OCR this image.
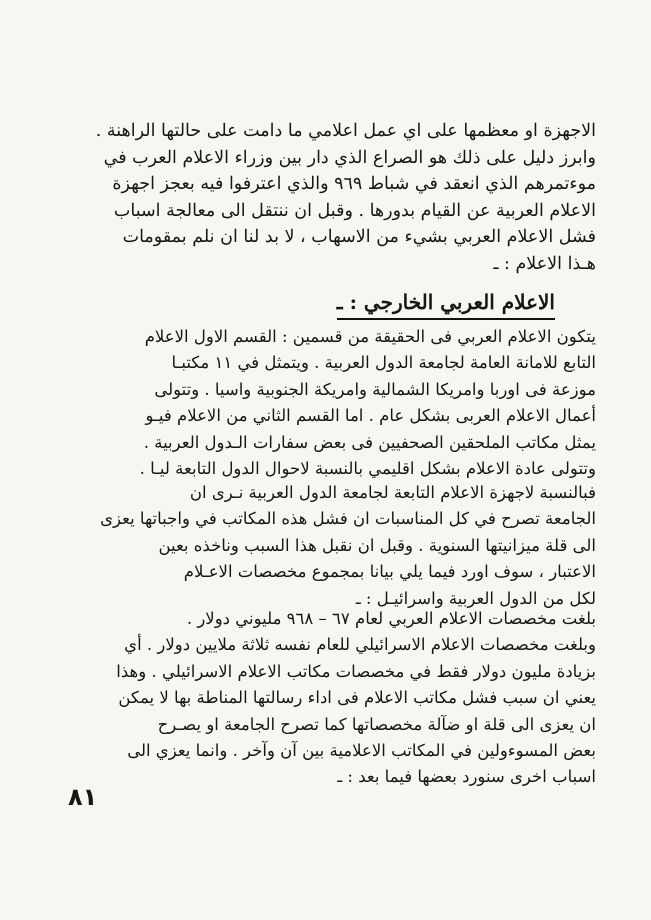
الاجهزة او معظمها على اي عمل اعلامي ما دامت على حالتها الراهنة .
وابرز دليل على ذلك هو الصراع الذي دار بين وزراء الاعلام العرب في
موءتمرهم الذي انعقد في شباط ٩٦٩ والذي اعترفوا فيه بعجز اجهزة
الاعلام العربية عن القيام بدورها . وقبل ان ننتقل الى معالجة اسباب
فشل الاعلام العربي بشيء من الاسهاب ، لا بد لنا ان نلم بمقومات
هـذا الاعلام : ـ
الاعلام العربي الخارجي : ـ
يتكون الاعلام العربي فى الحقيقة من قسمين : القسم الاول الاعلام
التابع للامانة العامة لجامعة الدول العربية . ويتمثل في ١١ مكتبـا
موزعة فى اوربا وامريكا الشمالية وامريكة الجنوبية واسيا . وتتولى
أعمال الاعلام العربى بشكل عام . اما القسم الثاني من الاعلام فيـو
يمثل مكاتب الملحقين الصحفيين فى بعض سفارات الـدول العربية .
وتتولى عادة الاعلام بشكل اقليمي بالنسبة لاحوال الدول التابعة ليـا .
فبالنسبة لاجهزة الاعلام التابعة لجامعة الدول العربية نـرى ان
الجامعة تصرح في كل المناسبات ان فشل هذه المكاتب في واجباتها يعزى
الى قلة ميزانيتها السنوية . وقبل ان نقبل هذا السبب وناخذه بعين
الاعتبار ، سوف اورد فيما يلي بيانا بمجموع مخصصات الاعـلام
لكل من الدول العربية واسرائيـل : ـ
بلغت مخصصات الاعلام العربي لعام ٦٧ – ٩٦٨ مليوني دولار .
وبلغت مخصصات الاعلام الاسرائيلي للعام نفسه ثلاثة ملايين دولار . أي
بزيادة مليون دولار فقط في مخصصات مكاتب الاعلام الاسرائيلي . وهذا
يعني ان سبب فشل مكاتب الاعلام فى اداء رسالتها المناطة بها لا يمكن
ان يعزى الى قلة او ضآلة مخصصاتها كما تصرح الجامعة او يصـرح
بعض المسوءولين في المكاتب الاعلامية بين آن وآخر . وانما يعزي الى
اسباب اخرى سنورد بعضها فيما بعد : ـ
٨١
